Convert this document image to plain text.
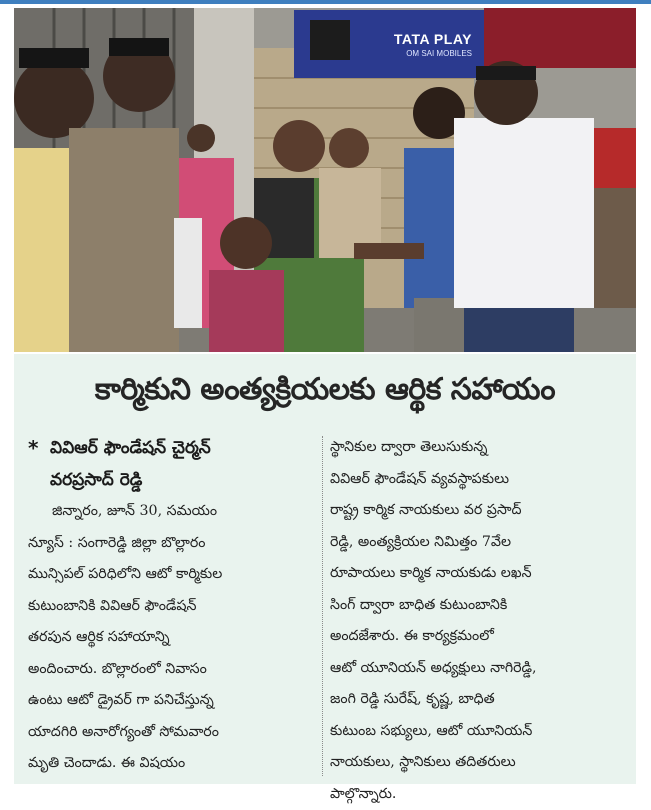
TATA PLAY
OM SAI MOBILES
కార్మికుని అంత్యక్రియలకు ఆర్థిక సహాయం
* వివిఆర్ ఫౌండేషన్ చైర్మన్
వరప్రసాద్ రెడ్డి

జిన్నారం, జూన్ 30, సమయం
న్యూస్ : సంగారెడ్డి జిల్లా బొల్లారం
మున్సిపల్ పరిధిలోని ఆటో కార్మికుల
కుటుంబానికి వివిఆర్ ఫౌండేషన్
తరపున ఆర్థిక సహాయాన్ని
అందించారు. బొల్లారంలో నివాసం
ఉంటు ఆటో డ్రైవర్ గా పనిచేస్తున్న
యాదగిరి అనారోగ్యంతో సోమవారం
మృతి చెందాడు. ఈ విషయం

స్థానికుల ద్వారా తెలుసుకున్న
వివిఆర్ ఫౌండేషన్ వ్యవస్థాపకులు
రాష్ట్ర కార్మిక నాయకులు వర ప్రసాద్
రెడ్డి, అంత్యక్రియల నిమిత్తం 7వేల
రూపాయలు కార్మిక నాయకుడు లఖన్
సింగ్ ద్వారా బాధిత కుటుంబానికి
అందజేశారు. ఈ కార్యక్రమంలో
ఆటో యూనియన్ అధ్యక్షులు నాగిరెడ్డి,
జంగి రెడ్డి సురేష్, కృష్ణ, బాధిత
కుటుంబ సభ్యులు, ఆటో యూనియన్
నాయకులు, స్థానికులు తదితరులు
పాల్గొన్నారు.
